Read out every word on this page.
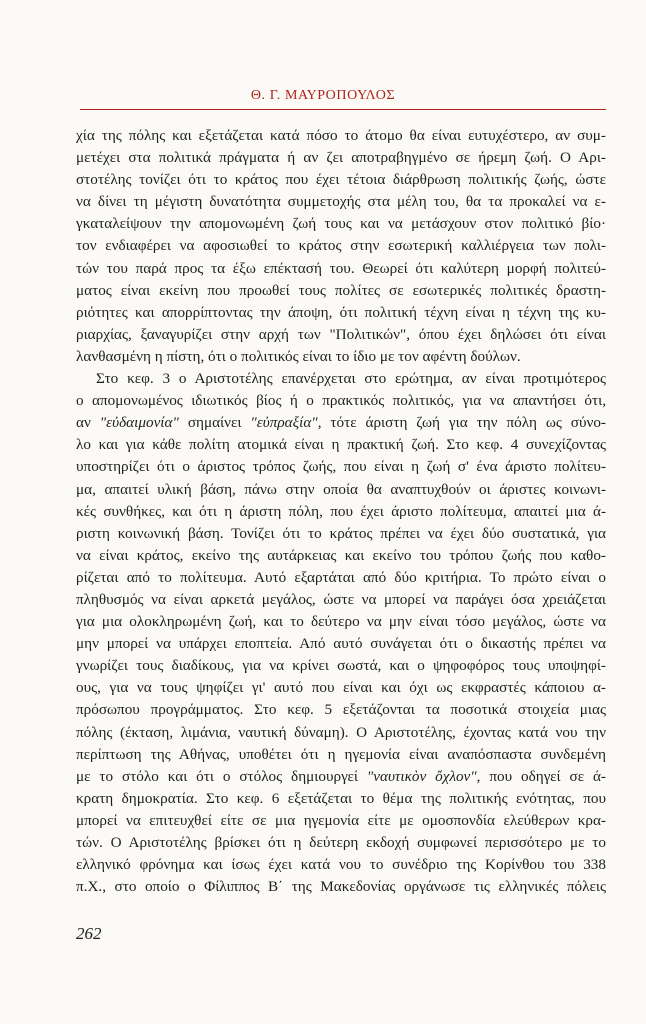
Θ. Γ. ΜΑΥΡΟΠΟΥΛΟΣ
χία της πόλης και εξετάζεται κατά πόσο το άτομο θα είναι ευτυχέστερο, αν συμ-
μετέχει στα πολιτικά πράγματα ή αν ζει αποτραβηγμένο σε ήρεμη ζωή. Ο Αρι-
στοτέλης τονίζει ότι το κράτος που έχει τέτοια διάρθρωση πολιτικής ζωής, ώστε
να δίνει τη μέγιστη δυνατότητα συμμετοχής στα μέλη του, θα τα προκαλεί να ε-
γκαταλείψουν την απομονωμένη ζωή τους και να μετάσχουν στον πολιτικό βίο·
τον ενδιαφέρει να αφοσιωθεί το κράτος στην εσωτερική καλλιέργεια των πολι-
τών του παρά προς τα έξω επέκτασή του. Θεωρεί ότι καλύτερη μορφή πολιτεύ-
ματος είναι εκείνη που προωθεί τους πολίτες σε εσωτερικές πολιτικές δραστη-
ριότητες και απορρίπτοντας την άποψη, ότι πολιτική τέχνη είναι η τέχνη της κυ-
ριαρχίας, ξαναγυρίζει στην αρχή των "Πολιτικών", όπου έχει δηλώσει ότι είναι
λανθασμένη η πίστη, ότι ο πολιτικός είναι το ίδιο με τον αφέντη δούλων.
Στο κεφ. 3 ο Αριστοτέλης επανέρχεται στο ερώτημα, αν είναι προτιμότερος
ο απομονωμένος ιδιωτικός βίος ή ο πρακτικός πολιτικός, για να απαντήσει ότι,
αν "εὐδαιμονία" σημαίνει "εὐπραξία", τότε άριστη ζωή για την πόλη ως σύνο-
λο και για κάθε πολίτη ατομικά είναι η πρακτική ζωή. Στο κεφ. 4 συνεχίζοντας
υποστηρίζει ότι ο άριστος τρόπος ζωής, που είναι η ζωή σ' ένα άριστο πολίτευ-
μα, απαιτεί υλική βάση, πάνω στην οποία θα αναπτυχθούν οι άριστες κοινωνι-
κές συνθήκες, και ότι η άριστη πόλη, που έχει άριστο πολίτευμα, απαιτεί μια ά-
ριστη κοινωνική βάση. Τονίζει ότι το κράτος πρέπει να έχει δύο συστατικά, για
να είναι κράτος, εκείνο της αυτάρκειας και εκείνο του τρόπου ζωής που καθο-
ρίζεται από το πολίτευμα. Αυτό εξαρτάται από δύο κριτήρια. Το πρώτο είναι ο
πληθυσμός να είναι αρκετά μεγάλος, ώστε να μπορεί να παράγει όσα χρειάζεται
για μια ολοκληρωμένη ζωή, και το δεύτερο να μην είναι τόσο μεγάλος, ώστε να
μην μπορεί να υπάρχει εποπτεία. Από αυτό συνάγεται ότι ο δικαστής πρέπει να
γνωρίζει τους διαδίκους, για να κρίνει σωστά, και ο ψηφοφόρος τους υποψηφί-
ους, για να τους ψηφίζει γι' αυτό που είναι και όχι ως εκφραστές κάποιου α-
πρόσωπου προγράμματος. Στο κεφ. 5 εξετάζονται τα ποσοτικά στοιχεία μιας
πόλης (έκταση, λιμάνια, ναυτική δύναμη). Ο Αριστοτέλης, έχοντας κατά νου την
περίπτωση της Αθήνας, υποθέτει ότι η ηγεμονία είναι αναπόσπαστα συνδεμένη
με το στόλο και ότι ο στόλος δημιουργεί "ναυτικὸν ὄχλον", που οδηγεί σε ά-
κρατη δημοκρατία. Στο κεφ. 6 εξετάζεται το θέμα της πολιτικής ενότητας, που
μπορεί να επιτευχθεί είτε σε μια ηγεμονία είτε με ομοσπονδία ελεύθερων κρα-
τών. Ο Αριστοτέλης βρίσκει ότι η δεύτερη εκδοχή συμφωνεί περισσότερο με το
ελληνικό φρόνημα και ίσως έχει κατά νου το συνέδριο της Κορίνθου του 338
π.Χ., στο οποίο ο Φίλιππος Β΄ της Μακεδονίας οργάνωσε τις ελληνικές πόλεις
262
